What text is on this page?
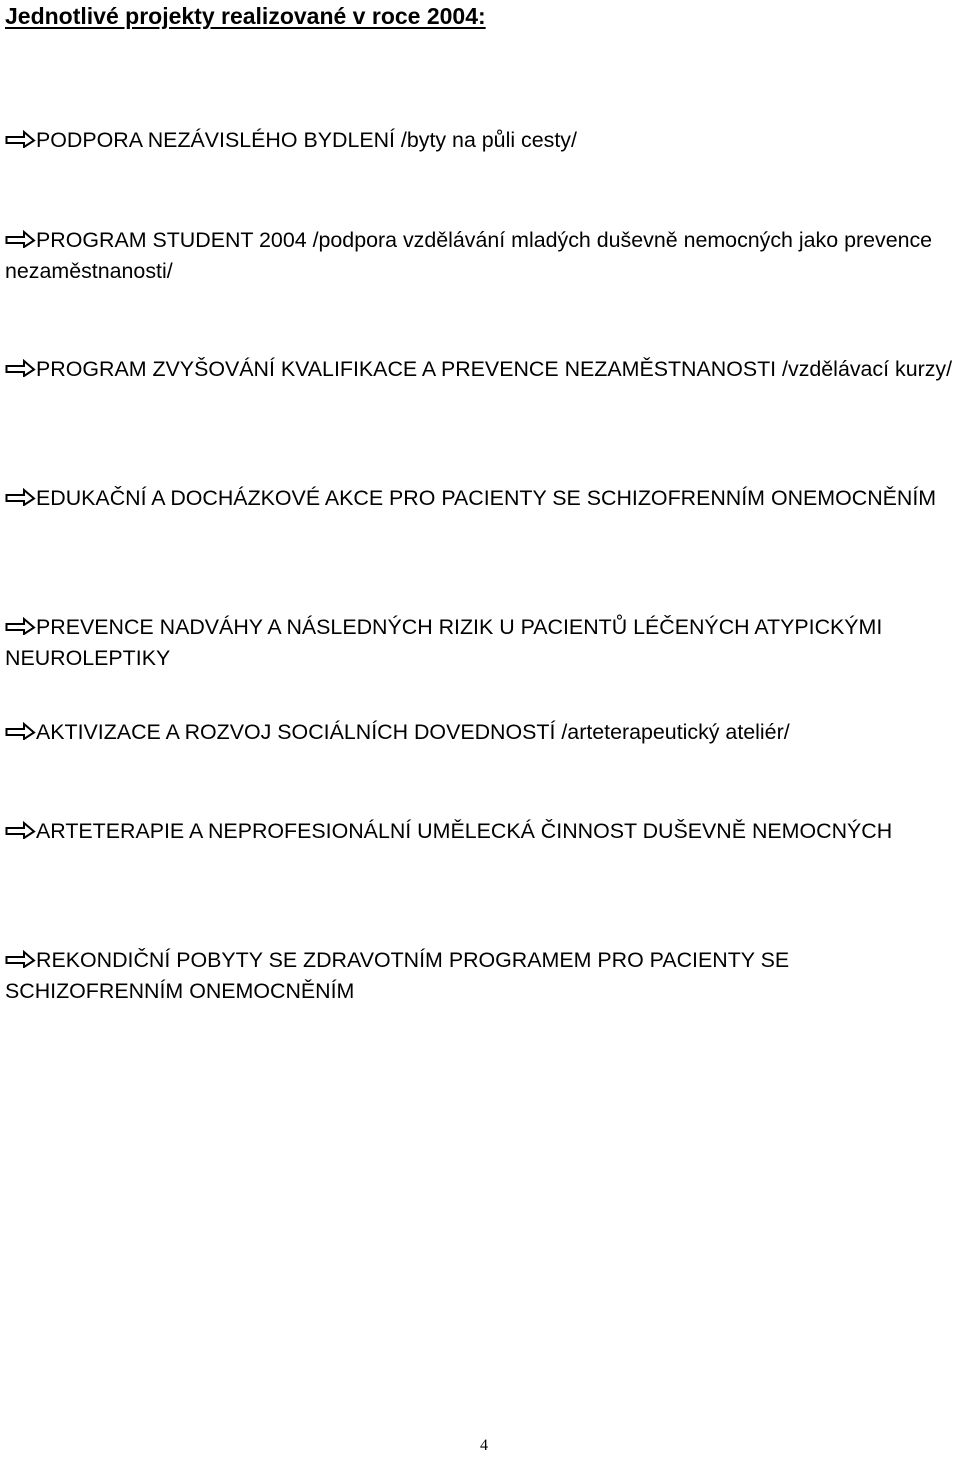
Jednotlivé projekty realizované v roce 2004:

PODPORA NEZÁVISLÉHO BYDLENÍ /byty na půli cesty/

PROGRAM STUDENT 2004 /podpora vzdělávání mladých duševně nemocných jako prevence nezaměstnanosti/

PROGRAM ZVYŠOVÁNÍ KVALIFIKACE A PREVENCE NEZAMĚSTNANOSTI /vzdělávací kurzy/

EDUKAČNÍ A DOCHÁZKOVÉ AKCE PRO PACIENTY SE SCHIZOFRENNÍM ONEMOCNĚNÍM

PREVENCE NADVÁHY A NÁSLEDNÝCH RIZIK U PACIENTŮ LÉČENÝCH ATYPICKÝMI NEUROLEPTIKY

AKTIVIZACE A ROZVOJ SOCIÁLNÍCH DOVEDNOSTÍ /arteterapeutický ateliér/

ARTETERAPIE A NEPROFESIONÁLNÍ UMĚLECKÁ ČINNOST DUŠEVNĚ NEMOCNÝCH

REKONDIČNÍ POBYTY SE ZDRAVOTNÍM PROGRAMEM PRO PACIENTY SE SCHIZOFRENNÍM ONEMOCNĚNÍM

4
